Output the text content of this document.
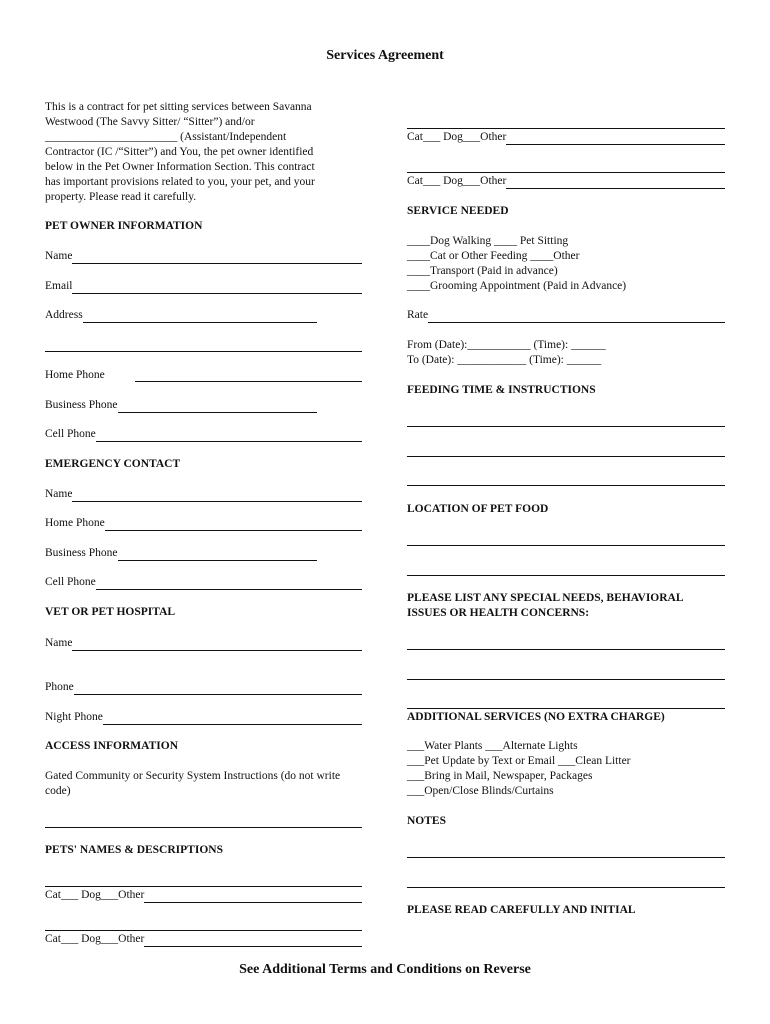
Services Agreement
This is a contract for pet sitting services between Savanna
Westwood (The Savvy Sitter/ “Sitter”) and/or
_______________________ (Assistant/Independent
Contractor (IC /“Sitter”) and You, the pet owner identified
below in the Pet Owner Information Section. This contract
has important provisions related to you, your pet, and your
property. Please read it carefully.
PET OWNER INFORMATION
Name
Email
Address
Home Phone
Business Phone
Cell Phone
EMERGENCY CONTACT
Name
Home Phone
Business Phone
Cell Phone
VET OR PET HOSPITAL
Name
Phone
Night Phone
ACCESS INFORMATION
Gated Community or Security System Instructions (do not write
code)
PETS' NAMES & DESCRIPTIONS
Cat___ Dog___Other
Cat___ Dog___Other
Cat___ Dog___Other
Cat___ Dog___Other
SERVICE NEEDED
____Dog Walking ____ Pet Sitting
____Cat or Other Feeding ____Other
____Transport (Paid in advance)
____Grooming Appointment (Paid in Advance)
Rate
From (Date):___________ (Time): ______
To (Date): ____________ (Time): ______
FEEDING TIME & INSTRUCTIONS
LOCATION OF PET FOOD
PLEASE LIST ANY SPECIAL NEEDS, BEHAVIORAL
ISSUES OR HEALTH CONCERNS:
ADDITIONAL SERVICES (NO EXTRA CHARGE)
___Water Plants ___Alternate Lights
___Pet Update by Text or Email ___Clean Litter
___Bring in Mail, Newspaper, Packages
___Open/Close Blinds/Curtains
NOTES
PLEASE READ CAREFULLY AND INITIAL
See Additional Terms and Conditions on Reverse
